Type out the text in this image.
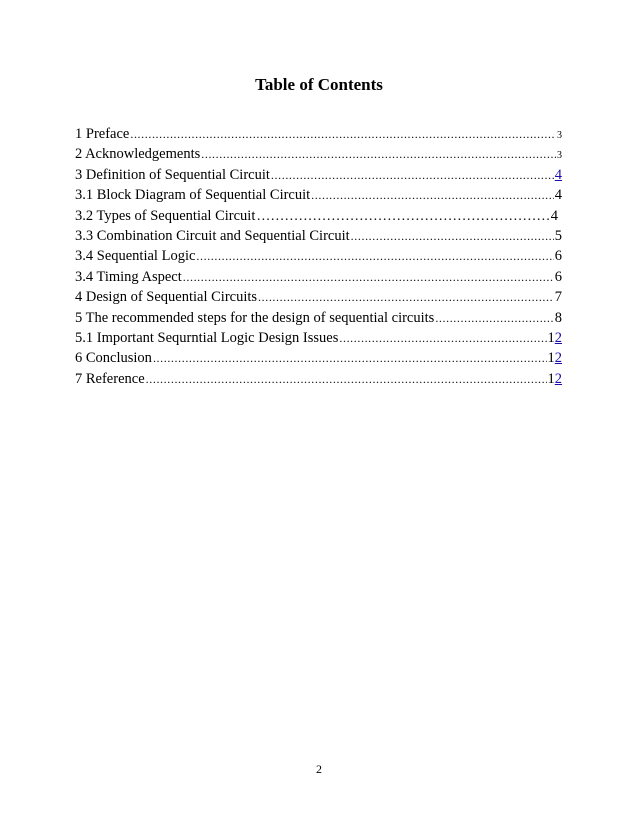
Table of Contents
1 Preface .....	3
2 Acknowledgements .....	3
3 Definition of Sequential Circuit .....	4
3.1 Block Diagram of Sequential Circuit .....	4
3.2 Types of Sequential Circuit ……………………………………………………………………………………………………………	4
3.3 Combination Circuit and Sequential Circuit .....	5
3.4 Sequential Logic .....	6
3.4 Timing Aspect .....	6
4 Design of Sequential Circuits .....	7
5 The recommended steps for the design of sequential circuits .....	8
5.1 Important Sequrntial Logic Design Issues .....	12
6 Conclusion .....	12
7 Reference .....	12
2
